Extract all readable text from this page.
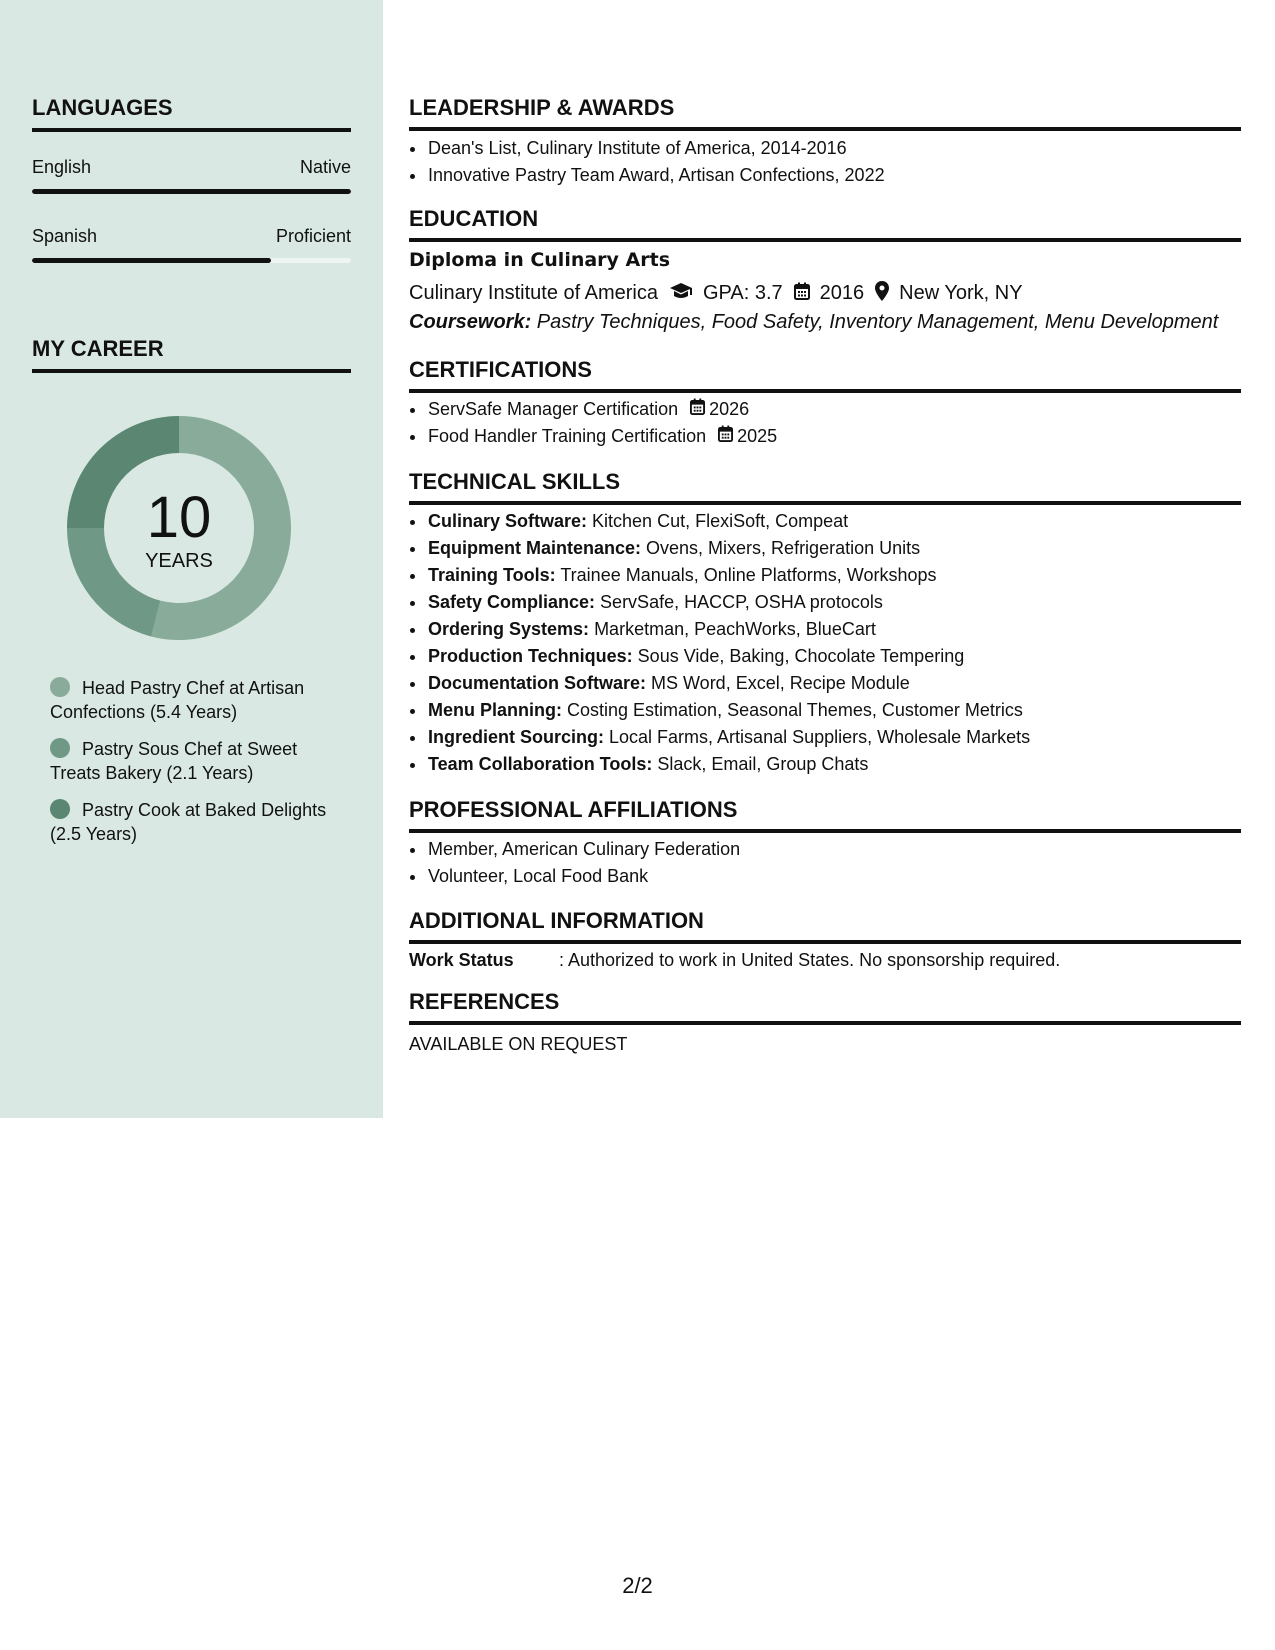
LANGUAGES
English	Native
Spanish	Proficient
MY CAREER
10
YEARS
Head Pastry Chef at Artisan Confections (5.4 Years)
Pastry Sous Chef at Sweet Treats Bakery (2.1 Years)
Pastry Cook at Baked Delights (2.5 Years)
LEADERSHIP & AWARDS
• Dean's List, Culinary Institute of America, 2014-2016
• Innovative Pastry Team Award, Artisan Confections, 2022
EDUCATION
Diploma in Culinary Arts
Culinary Institute of America GPA: 3.7 2016 New York, NY
Coursework: Pastry Techniques, Food Safety, Inventory Management, Menu Development
CERTIFICATIONS
• ServSafe Manager Certification 2026
• Food Handler Training Certification 2025
TECHNICAL SKILLS
• Culinary Software: Kitchen Cut, FlexiSoft, Compeat
• Equipment Maintenance: Ovens, Mixers, Refrigeration Units
• Training Tools: Trainee Manuals, Online Platforms, Workshops
• Safety Compliance: ServSafe, HACCP, OSHA protocols
• Ordering Systems: Marketman, PeachWorks, BlueCart
• Production Techniques: Sous Vide, Baking, Chocolate Tempering
• Documentation Software: MS Word, Excel, Recipe Module
• Menu Planning: Costing Estimation, Seasonal Themes, Customer Metrics
• Ingredient Sourcing: Local Farms, Artisanal Suppliers, Wholesale Markets
• Team Collaboration Tools: Slack, Email, Group Chats
PROFESSIONAL AFFILIATIONS
• Member, American Culinary Federation
• Volunteer, Local Food Bank
ADDITIONAL INFORMATION
Work Status	: Authorized to work in United States. No sponsorship required.
REFERENCES
AVAILABLE ON REQUEST
2/2
